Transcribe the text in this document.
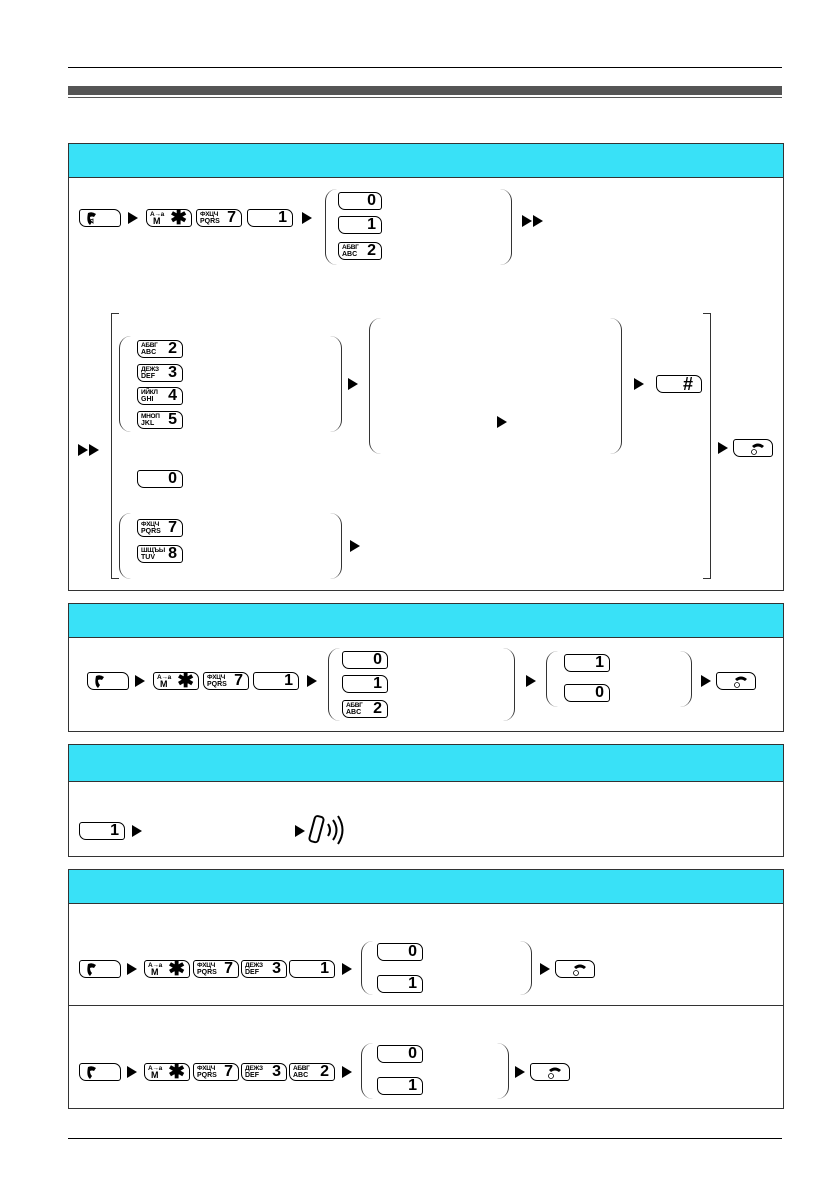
A→a
M ✱ ФХЦЧ
PQRS 7	1
0
1
АБВГ
ABC 2
АБВГ
ABC 2
ДЕЖЗ
DEF 3
ИЙКЛ
GHI 4
МНОП
JKL 5
#
0
ФХЦЧ
PQRS 7
ШЩЪЫ
TUV 8
A→a
M ✱ ФХЦЧ
PQRS 7	1
0
1
АБВГ
ABC 2
1
0
1
A→a
M ✱ ФХЦЧ
PQRS 7 ДЕЖЗ
DEF 3 1
0
1
A→a
M ✱ ФХЦЧ
PQRS 7 ДЕЖЗ
DEF 3 АБВГ
ABC 2
0
1
